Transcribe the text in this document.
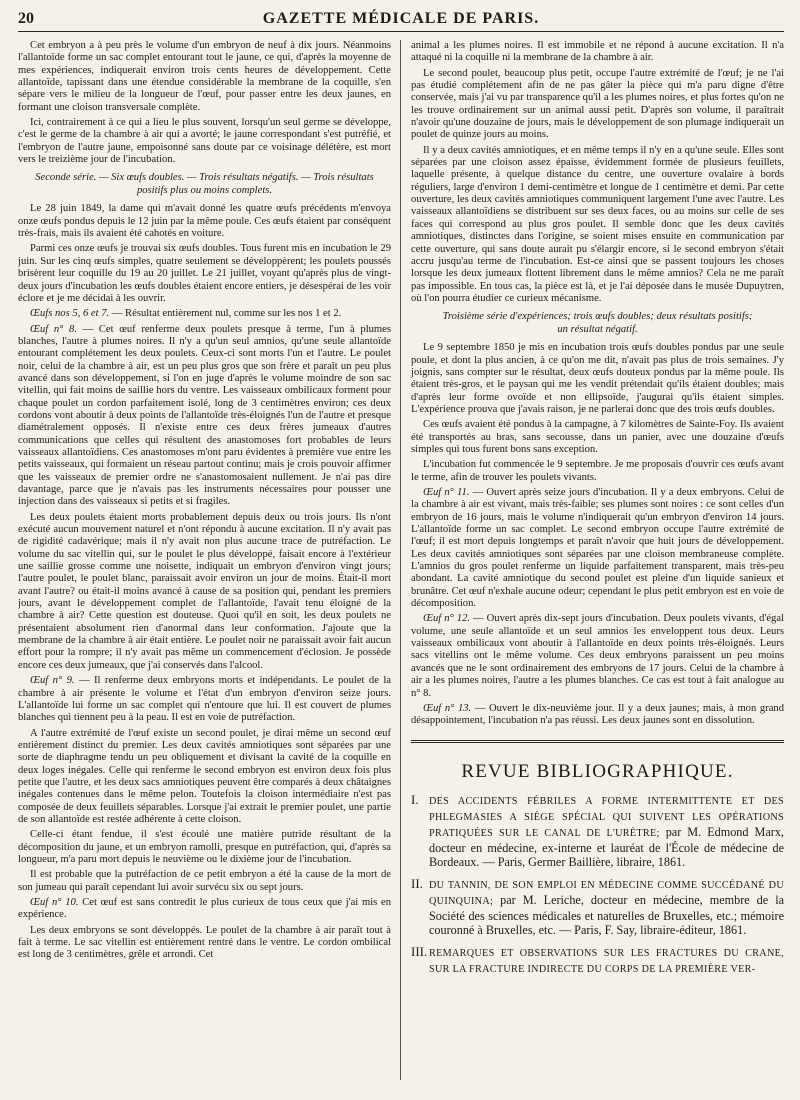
20	GAZETTE MÉDICALE DE PARIS.

Cet embryon a à peu près le volume d'un embryon de neuf à dix jours. Néanmoins l'allantoïde forme un sac complet entourant tout le jaune, ce qui, d'après la moyenne de mes expériences, indiquerait environ trois cents heures de développement. Cette allantoïde, tapissant dans une étendue considérable la membrane de la coquille, s'en sépare vers le milieu de la longueur de l'œuf, pour passer entre les deux jaunes, en formant une cloison transversale complète.

Ici, contrairement à ce qui a lieu le plus souvent, lorsqu'un seul germe se développe, c'est le germe de la chambre à air qui a avorté; le jaune correspondant s'est putréfié, et l'embryon de l'autre jaune, empoisonné sans doute par ce voisinage délétère, est mort vers le treizième jour de l'incubation.

Seconde série. — Six œufs doubles. — Trois résultats négatifs. — Trois résultats
positifs plus ou moins complets.

Le 28 juin 1849, la dame qui m'avait donné les quatre œufs précédents m'envoya onze œufs pondus depuis le 12 juin par la même poule. Ces œufs étaient par conséquent très-frais, mais ils avaient été cahotés en voiture.

Parmi ces onze œufs je trouvai six œufs doubles. Tous furent mis en incubation le 29 juin. Sur les cinq œufs simples, quatre seulement se développèrent; les poulets poussés brisèrent leur coquille du 19 au 20 juillet. Le 21 juillet, voyant qu'après plus de vingt-deux jours d'incubation les œufs doubles étaient encore entiers, je désespérai de les voir éclore et je me décidai à les ouvrir.

Œufs nos 5, 6 et 7. — Résultat entièrement nul, comme sur les nos 1 et 2.

Œuf n° 8. — Cet œuf renferme deux poulets presque à terme, l'un à plumes blanches, l'autre à plumes noires. Il n'y a qu'un seul amnios, qu'une seule allantoïde entourant complétement les deux poulets. Ceux-ci sont morts l'un et l'autre. Le poulet noir, celui de la chambre à air, est un peu plus gros que son frère et paraît un peu plus avancé dans son développement, si l'on en juge d'après le volume moindre de son sac vitellin, qui fait moins de saillie hors du ventre. Les vaisseaux ombilicaux forment pour chaque poulet un cordon parfaitement isolé, long de 3 centimètres environ; ces deux cordons vont aboutir à deux points de l'allantoïde très-éloignés l'un de l'autre et presque diamétralement opposés. Il n'existe entre ces deux frères jumeaux d'autres communications que celles qui résultent des anastomoses fort probables de leurs vaisseaux allantoïdiens. Ces anastomoses m'ont paru évidentes à première vue entre les petits vaisseaux, qui formaient un réseau partout continu; mais je crois pouvoir affirmer que les vaisseaux de premier ordre ne s'anastomosaient nullement. Je n'ai pas dire davantage, parce que je n'avais pas les instruments nécessaires pour pousser une injection dans des vaisseaux si petits et si fragiles.

Les deux poulets étaient morts probablement depuis deux ou trois jours. Ils n'ont exécuté aucun mouvement naturel et n'ont répondu à aucune excitation. Il n'y avait pas de rigidité cadavérique; mais il n'y avait non plus aucune trace de putréfaction. Le volume du sac vitellin qui, sur le poulet le plus développé, faisait encore à l'extérieur une saillie grosse comme une noisette, indiquait un embryon d'environ vingt jours; l'autre poulet, le poulet blanc, paraissait avoir environ un jour de moins. Était-il mort avant l'autre? ou était-il moins avancé à cause de sa position qui, pendant les premiers jours, avant le développement complet de l'allantoïde, l'avait tenu éloigné de la chambre à air? Cette question est douteuse. Quoi qu'il en soit, les deux poulets ne présentaient absolument rien d'anormal dans leur conformation. J'ajoute que la membrane de la chambre à air était entière. Le poulet noir ne paraissait avoir fait aucun effort pour la rompre; il n'y avait pas même un commencement d'éclosion. Je possède encore ces deux jumeaux, que j'ai conservés dans l'alcool.

Œuf n° 9. — Il renferme deux embryons morts et indépendants. Le poulet de la chambre à air présente le volume et l'état d'un embryon d'environ seize jours. L'allantoïde lui forme un sac complet qui n'entoure que lui. Il est couvert de plumes blanches qui tiennent peu à la peau. Il est en voie de putréfaction.

A l'autre extrémité de l'œuf existe un second poulet, je dirai même un second œuf entièrement distinct du premier. Les deux cavités amniotiques sont séparées par une sorte de diaphragme tendu un peu obliquement et divisant la cavité de la coquille en deux loges inégales. Celle qui renferme le second embryon est environ deux fois plus petite que l'autre, et les deux sacs amniotiques peuvent être comparés à deux châtaignes inégales contenues dans le même pelon. Toutefois la cloison intermédiaire n'est pas composée de deux feuillets séparables. Lorsque j'ai extrait le premier poulet, une partie de son allantoïde est restée adhérente à cette cloison.

Celle-ci étant fendue, il s'est écoulé une matière putride résultant de la décomposition du jaune, et un embryon ramolli, presque en putréfaction, qui, d'après sa longueur, m'a paru mort depuis le neuvième ou le dixième jour de l'incubation.

Il est probable que la putréfaction de ce petit embryon a été la cause de la mort de son jumeau qui paraît cependant lui avoir survécu six ou sept jours.

Œuf n° 10. Cet œuf est sans contredit le plus curieux de tous ceux que j'ai mis en expérience.

Les deux embryons se sont développés. Le poulet de la chambre à air paraît tout à fait à terme. Le sac vitellin est entièrement rentré dans le ventre. Le cordon ombilical est long de 3 centimètres, grêle et arrondi. Cet

animal a les plumes noires. Il est immobile et ne répond à aucune excitation. Il n'a attaqué ni la coquille ni la membrane de la chambre à air.

Le second poulet, beaucoup plus petit, occupe l'autre extrémité de l'œuf; je ne l'ai pas étudié complétement afin de ne pas gâter la pièce qui m'a paru digne d'être conservée, mais j'ai vu par transparence qu'il a les plumes noires, et plus fortes qu'on ne les trouve ordinairement sur un animal aussi petit. D'après son volume, il paraîtrait n'avoir qu'une douzaine de jours, mais le développement de son plumage indiquerait un poulet de quinze jours au moins.

Il y a deux cavités amniotiques, et en même temps il n'y en a qu'une seule. Elles sont séparées par une cloison assez épaisse, évidemment formée de plusieurs feuillets, laquelle présente, à quelque distance du centre, une ouverture ovalaire à bords réguliers, large d'environ 1 demi-centimètre et longue de 1 centimètre et demi. Par cette ouverture, les deux cavités amniotiques communiquent largement l'une avec l'autre. Les vaisseaux allantoïdiens se distribuent sur ses deux faces, ou au moins sur celle de ses faces qui correspond au plus gros poulet. Il semble donc que les deux cavités amniotiques, distinctes dans l'origine, se soient mises ensuite en communication par cette ouverture, qui sans doute aurait pu s'élargir encore, si le second embryon s'était accru jusqu'au terme de l'incubation. Est-ce ainsi que se passent toujours les choses lorsque les deux jumeaux flottent librement dans le même amnios? Cela ne me paraît pas impossible. En tous cas, la pièce est là, et je l'ai déposée dans le musée Dupuytren, où l'on pourra étudier ce curieux mécanisme.

Troisième série d'expériences; trois œufs doubles; deux résultats positifs;
un résultat négatif.

Le 9 septembre 1850 je mis en incubation trois œufs doubles pondus par une seule poule, et dont la plus ancien, à ce qu'on me dit, n'avait pas plus de trois semaines. J'y joignis, sans compter sur le résultat, deux œufs douteux pondus par la même poule. Ils étaient très-gros, et le paysan qui me les vendit prétendait qu'ils étaient doubles; mais d'après leur forme ovoïde et non ellipsoïde, j'augurai qu'ils étaient simples. L'expérience prouva que j'avais raison, je ne parlerai donc que des trois œufs doubles.

Ces œufs avaient été pondus à la campagne, à 7 kilomètres de Sainte-Foy. Ils avaient été transportés au bras, sans secousse, dans un panier, avec une douzaine d'œufs simples qui tous furent bons sans exception.

L'incubation fut commencée le 9 septembre. Je me proposais d'ouvrir ces œufs avant le terme, afin de trouver les poulets vivants.

Œuf n° 11. — Ouvert après seize jours d'incubation. Il y a deux embryons. Celui de la chambre à air est vivant, mais très-faible; ses plumes sont noires : ce sont celles d'un embryon de 16 jours, mais le volume n'indiquerait qu'un embryon d'environ 14 jours. L'allantoïde forme un sac complet. Le second embryon occupe l'autre extrémité de l'œuf; il est mort depuis longtemps et paraît n'avoir que huit jours de développement. Les deux cavités amniotiques sont séparées par une cloison membraneuse complète. L'amnios du gros poulet renferme un liquide parfaitement transparent, mais très-peu abondant. La cavité amniotique du second poulet est pleine d'un liquide sanieux et brunâtre. Cet œuf n'exhale aucune odeur; cependant le plus petit embryon est en voie de décomposition.

Œuf n° 12. — Ouvert après dix-sept jours d'incubation. Deux poulets vivants, d'égal volume, une seule allantoïde et un seul amnios les enveloppent tous deux. Leurs vaisseaux ombilicaux vont aboutir à l'allantoïde en deux points très-éloignés. Leurs sacs vitellins ont le même volume. Ces deux embryons paraissent un peu moins avancés que ne le sont ordinairement des embryons de 17 jours. Celui de la chambre à air a les plumes noires, l'autre a les plumes blanches. Ce cas est tout à fait analogue au n° 8.

Œuf n° 13. — Ouvert le dix-neuvième jour. Il y a deux jaunes; mais, à mon grand désappointement, l'incubation n'a pas réussi. Les deux jaunes sont en dissolution.

REVUE BIBLIOGRAPHIQUE.
I.	DES ACCIDENTS FÉBRILES A FORME INTERMITTENTE ET DES PHLEGMASIES A SIÉGE SPÉCIAL QUI SUIVENT LES OPÉRATIONS PRATIQUÉES SUR LE CANAL DE L'URÈTRE; par M. Edmond Marx, docteur en médecine, ex-interne et lauréat de l'École de médecine de Bordeaux. — Paris, Germer Baillière, libraire, 1861.
II. DU TANNIN, DE SON EMPLOI EN MÉDECINE COMME SUCCÉDANÉ DU QUINQUINA; par M. Leriche, docteur en médecine, membre de la Société des sciences médicales et naturelles de Bruxelles, etc.; mémoire couronné à Bruxelles, etc. — Paris, F. Say, libraire-éditeur, 1861.
III. REMARQUES ET OBSERVATIONS SUR LES FRACTURES DU CRANE, SUR LA FRACTURE INDIRECTE DU CORPS DE LA PREMIÈRE VER-
